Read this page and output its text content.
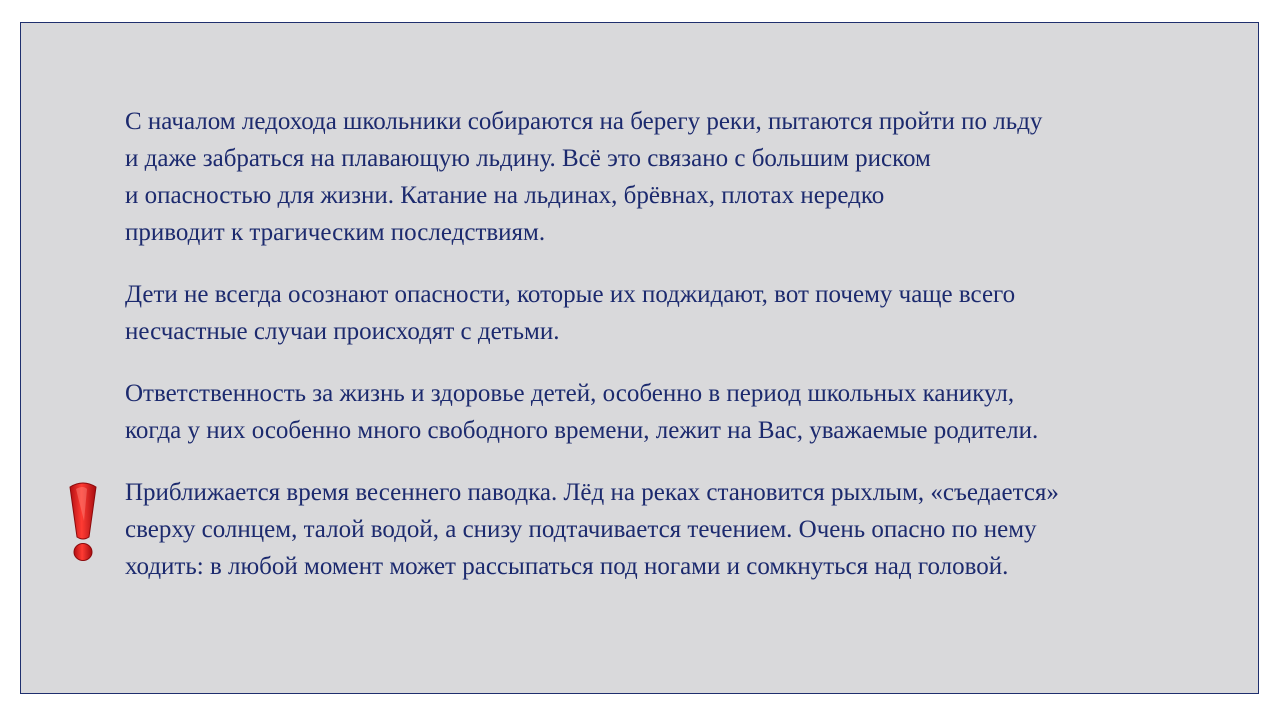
С началом ледохода школьники собираются на берегу реки, пытаются пройти по льду
и даже забраться на плавающую льдину. Всё это связано с большим риском
и опасностью для жизни. Катание на льдинах, брёвнах, плотах нередко
приводит к трагическим последствиям.

Дети не всегда осознают опасности, которые их поджидают, вот почему чаще всего
несчастные случаи происходят с детьми.

Ответственность за жизнь и здоровье детей, особенно в период школьных каникул,
когда у них особенно много свободного времени, лежит на Вас, уважаемые родители.

Приближается время весеннего паводка. Лёд на реках становится рыхлым, «съедается»
сверху солнцем, талой водой, а снизу подтачивается течением. Очень опасно по нему
ходить: в любой момент может рассыпаться под ногами и сомкнуться над головой.
